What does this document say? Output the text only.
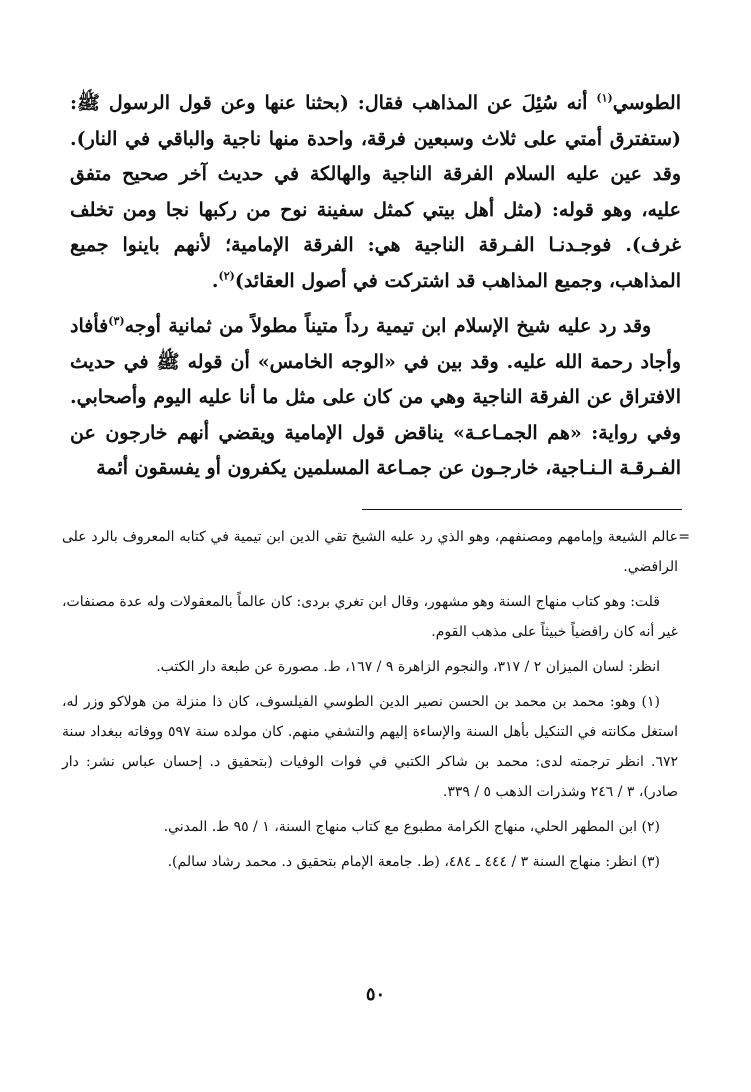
الطوسي$^{(١)}$ أنه سُئِلَ عن المذاهب فقال: (بحثنا عنها وعن قول الرسول ﷺ: (ستفترق أمتي على ثلاث وسبعين فرقة، واحدة منها ناجية والباقي في النار). وقد عين عليه السلام الفرقة الناجية والهالكة في حديث آخر صحيح متفق عليه، وهو قوله: (مثل أهل بيتي كمثل سفينة نوح من ركبها نجا ومن تخلف غرف). فوجـدنـا الفـرقة الناجية هي: الفرقة الإمامية؛ لأنهم باينوا جميع المذاهب، وجميع المذاهب قد اشتركت في أصول العقائد)$^{(٢)}$.

وقد رد عليه شيخ الإسلام ابن تيمية رداً متيناً مطولاً من ثمانية أوجه$^{(٣)}$فأفاد وأجاد رحمة الله عليه. وقد بين في «الوجه الخامس» أن قوله ﷺ في حديث الافتراق عن الفرقة الناجية وهي من كان على مثل ما أنا عليه اليوم وأصحابي. وفي رواية: «هم الجمـاعـة» يناقض قول الإمامية ويقضي أنهم خارجون عن الفـرقـة الـنـاجية، خارجـون عن جمـاعة المسلمين يكفرون أو يفسقون أئمة

=
عالم الشيعة وإمامهم ومصنفهم، وهو الذي رد عليه الشيخ تقي الدين ابن تيمية في كتابه المعروف بالرد على الرافضي.

قلت: وهو كتاب منهاج السنة وهو مشهور، وقال ابن تغري بردى: كان عالماً بالمعقولات وله عدة مصنفات، غير أنه كان رافضياً خبيثاً على مذهب القوم.

انظر: لسان الميزان ٢ / ٣١٧، والنجوم الزاهرة ٩ / ١٦٧، ط. مصورة عن طبعة دار الكتب.

(١) وهو: محمد بن محمد بن الحسن نصير الدين الطوسي الفيلسوف، كان ذا منزلة من هولاكو وزر له، استغل مكانته في التنكيل بأهل السنة والإساءة إليهم والتشفي منهم. كان مولده سنة ٥٩٧ ووفاته ببغداد سنة ٦٧٢. انظر ترجمته لدى: محمد بن شاكر الكتبي في فوات الوفيات (بتحقيق د. إحسان عباس نشر: دار صادر)، ٣ / ٢٤٦ وشذرات الذهب ٥ / ٣٣٩.

(٢) ابن المطهر الحلي، منهاج الكرامة مطبوع مع كتاب منهاج السنة، ١ / ٩٥ ط. المدني.

(٣) انظر: منهاج السنة ٣ / ٤٤٤ ـ ٤٨٤، (ط. جامعة الإمام بتحقيق د. محمد رشاد سالم).

٥٠
